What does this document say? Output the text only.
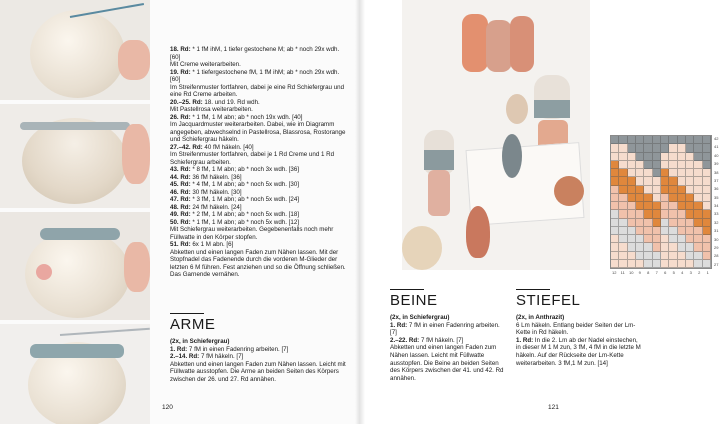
18. Rd: * 1 fM ihM, 1 tiefer gestochene M; ab * noch 29x wdh. [60]

Mit Creme weiterarbeiten.

19. Rd: * 1 tiefergestochene fM, 1 fM ihM; ab * noch 29x wdh. [60]

Im Streifenmuster fortfahren, dabei je eine Rd Schiefergrau und eine Rd Creme arbeiten.

20.–25. Rd: 18. und 19. Rd wdh.

Mit Pastellrosa weiterarbeiten.

26. Rd: * 1 fM, 1 M abn; ab * noch 19x wdh. [40]

Im Jacquardmuster weiterarbeiten. Dabei, wie im Diagramm angegeben, abwechselnd in Pastellrosa, Blassrosa, Rostorange und Schiefergrau häkeln.

27.–42. Rd: 40 fM häkeln. [40]

Im Streifenmuster fortfahren, dabei je 1 Rd Creme und 1 Rd Schiefergrau arbeiten.

43. Rd: * 8 fM, 1 M abn; ab * noch 3x wdh. [36]

44. Rd: 36 fM häkeln. [36]

45. Rd: * 4 fM, 1 M abn; ab * noch 5x wdh. [30]

46. Rd: 30 fM häkeln. [30]

47. Rd: * 3 fM, 1 M abn; ab * noch 5x wdh. [24]

48. Rd: 24 fM häkeln. [24]

49. Rd: * 2 fM, 1 M abn; ab * noch 5x wdh. [18]

50. Rd: * 1 fM, 1 M abn; ab * noch 5x wdh. [12]

Mit Schiefergrau weiterarbeiten. Gegebenenfalls noch mehr Füllwatte in den Körper stopfen.

51. Rd: 6x 1 M abn. [6]

Abketten und einen langen Faden zum Nähen lassen. Mit der Stopfnadel das Fadenende durch die vorderen M-Glieder der letzten 6 M führen. Fest anziehen und so die Öffnung schließen.

Das Garnende vernähen.

ARME

(2x, in Schiefergrau)

1. Rd: 7 fM in einen Fadenring arbeiten. [7]

2.–14. Rd: 7 fM häkeln. [7]

Abketten und einen langen Faden zum Nähen lassen. Leicht mit Füllwatte ausstopfen. Die Arme an beiden Seiten des Körpers zwischen der 26. und 27. Rd annähen.

120
BEINE

(2x, in Schiefergrau)

1. Rd: 7 fM in einen Fadenring arbeiten. [7]

2.–22. Rd: 7 fM häkeln. [7]

Abketten und einen langen Faden zum Nähen lassen. Leicht mit Füllwatte ausstopfen. Die Beine an beiden Seiten des Körpers zwischen der 41. und 42. Rd annähen.

STIEFEL

(2x, in Anthrazit)

6 Lm häkeln. Entlang beider Seiten der Lm-Kette in Rd häkeln.

1. Rd: In die 2. Lm ab der Nadel einstechen, in dieser M 1 M zun, 3 fM, 4 fM in die letzte M häkeln. Auf der Rückseite der Lm-Kette weiterarbeiten. 3 fM,1 M zun. [14]

121
42
41
40
39
38
37
36
35
34
33
32
31
30
29
28
27
12	11	10	9	8	7	6	5	4	3	2	1
